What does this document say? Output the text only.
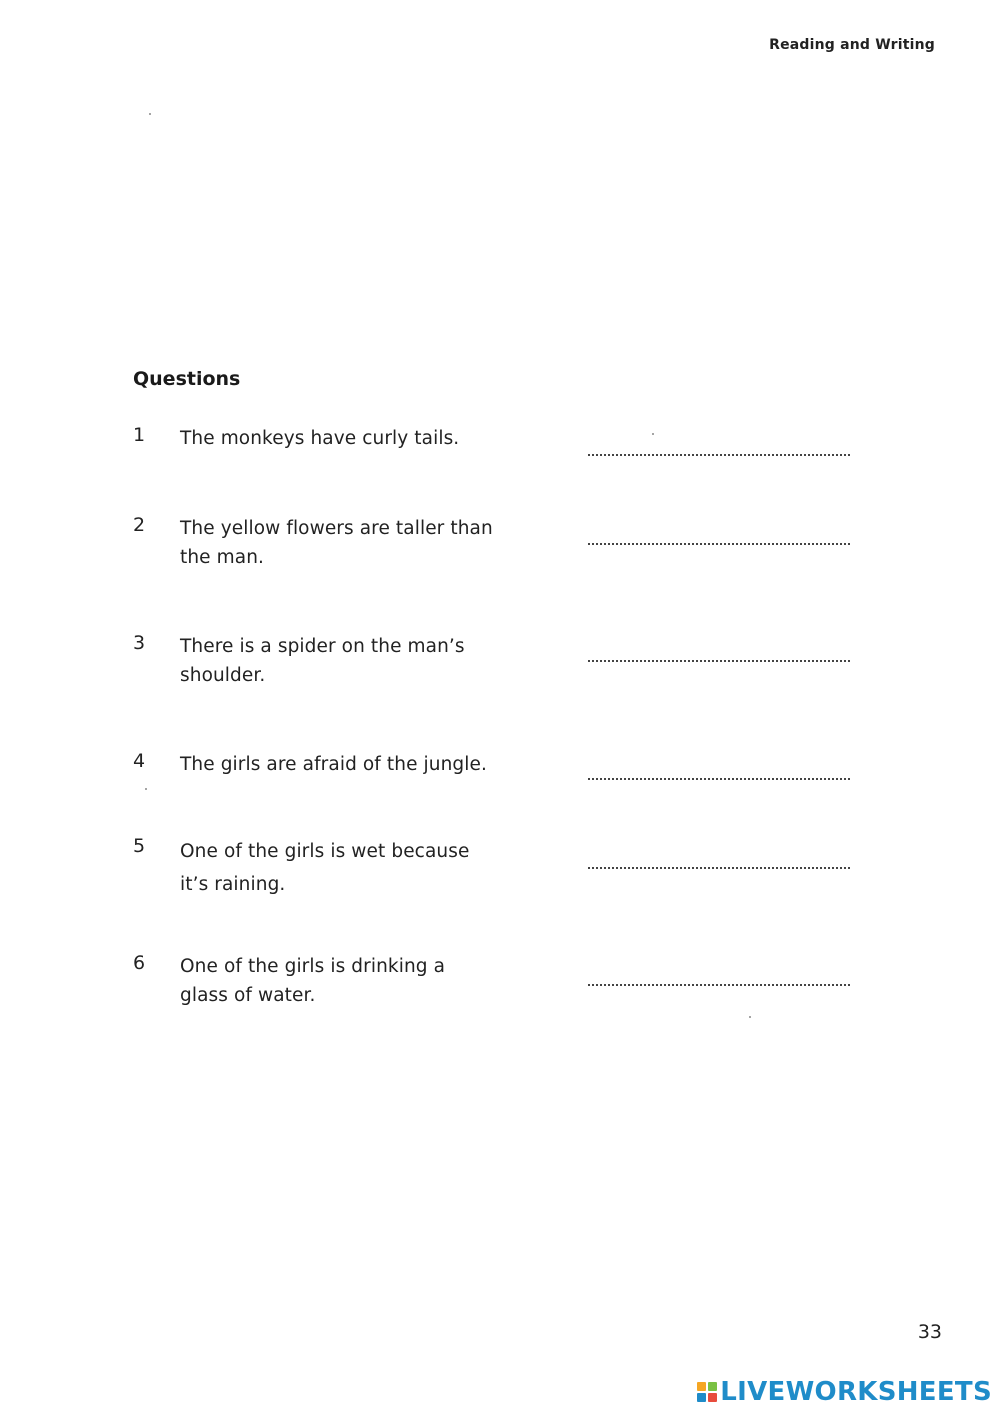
Reading and Writing
Questions
1 The monkeys have curly tails.
2 The yellow flowers are taller than the man.
3 There is a spider on the man’s shoulder.
4 The girls are afraid of the jungle.
5 One of the girls is wet because it’s raining.
6 One of the girls is drinking a glass of water.
33
LIVEWORKSHEETS
